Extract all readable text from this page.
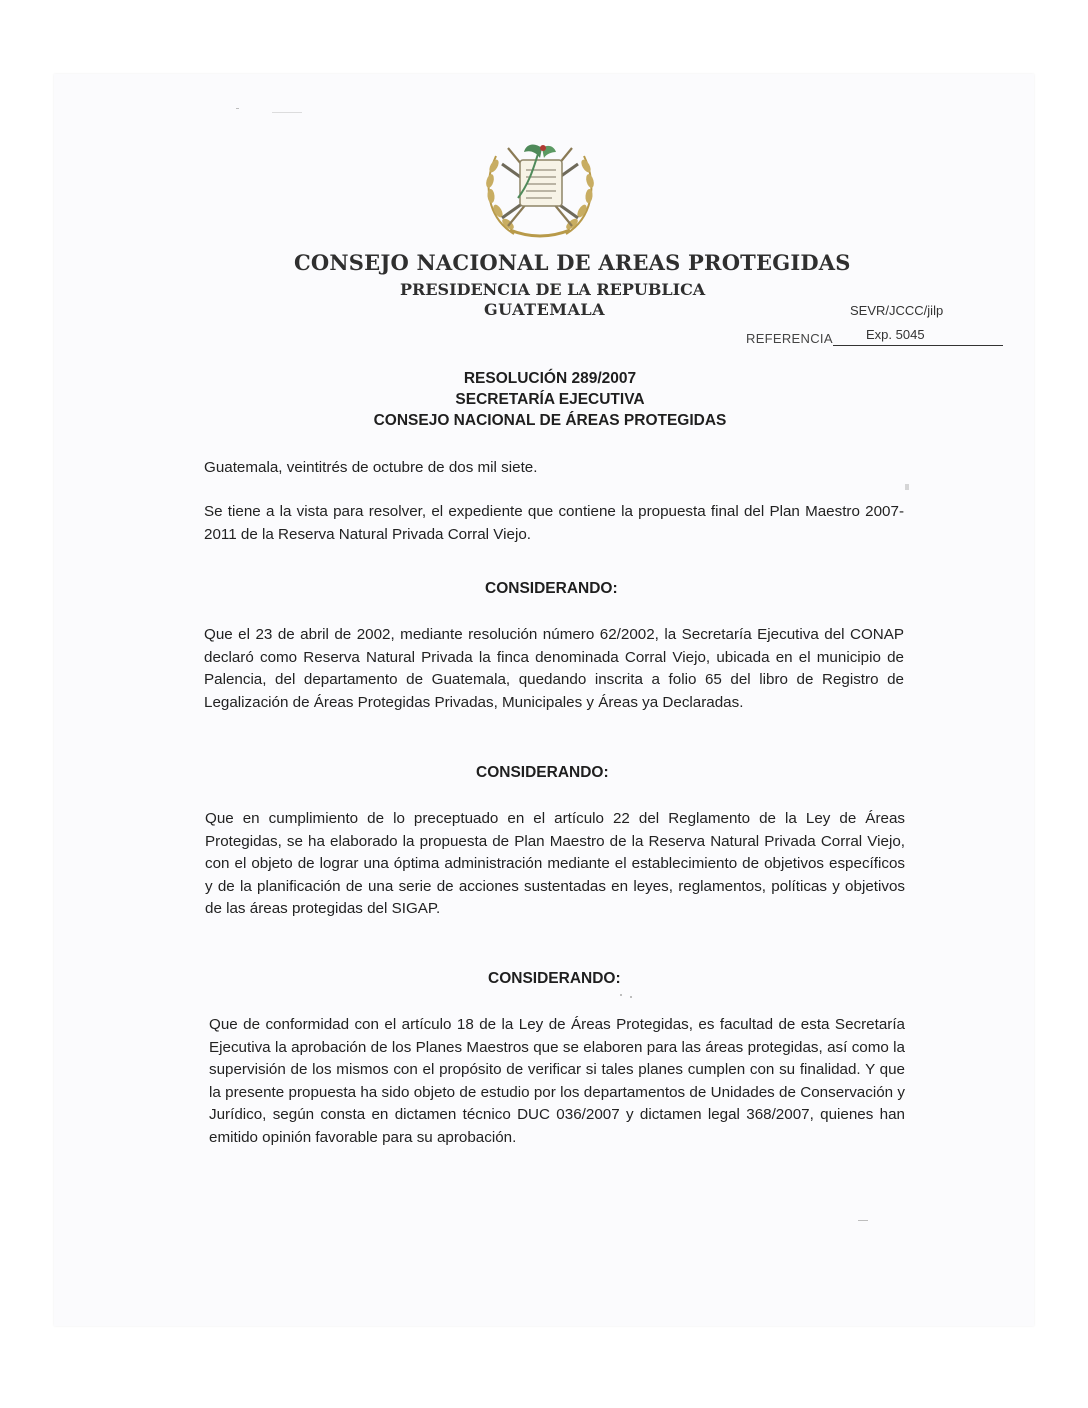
CONSEJO NACIONAL DE AREAS PROTEGIDAS
PRESIDENCIA DE LA REPUBLICA
GUATEMALA	SEVR/JCCC/jilp
REFERENCIA	Exp. 5045
RESOLUCIÓN 289/2007
SECRETARÍA EJECUTIVA
CONSEJO NACIONAL DE ÁREAS PROTEGIDAS
Guatemala, veintitrés de octubre de dos mil siete.
Se tiene a la vista para resolver, el expediente que contiene la propuesta final del Plan Maestro 2007-2011 de la Reserva Natural Privada Corral Viejo.
CONSIDERANDO:
Que el 23 de abril de 2002, mediante resolución número 62/2002, la Secretaría Ejecutiva del CONAP declaró como Reserva Natural Privada la finca denominada Corral Viejo, ubicada en el municipio de Palencia, del departamento de Guatemala, quedando inscrita a folio 65 del libro de Registro de Legalización de Áreas Protegidas Privadas, Municipales y Áreas ya Declaradas.
CONSIDERANDO:
Que en cumplimiento de lo preceptuado en el artículo 22 del Reglamento de la Ley de Áreas Protegidas, se ha elaborado la propuesta de Plan Maestro de la Reserva Natural Privada Corral Viejo, con el objeto de lograr una óptima administración mediante el establecimiento de objetivos específicos y de la planificación de una serie de acciones sustentadas en leyes, reglamentos, políticas y objetivos de las áreas protegidas del SIGAP.
CONSIDERANDO:
Que de conformidad con el artículo 18 de la Ley de Áreas Protegidas, es facultad de esta Secretaría Ejecutiva la aprobación de los Planes Maestros que se elaboren para las áreas protegidas, así como la supervisión de los mismos con el propósito de verificar si tales planes cumplen con su finalidad. Y que la presente propuesta ha sido objeto de estudio por los departamentos de Unidades de Conservación y Jurídico, según consta en dictamen técnico DUC 036/2007 y dictamen legal 368/2007, quienes han emitido opinión favorable para su aprobación.
